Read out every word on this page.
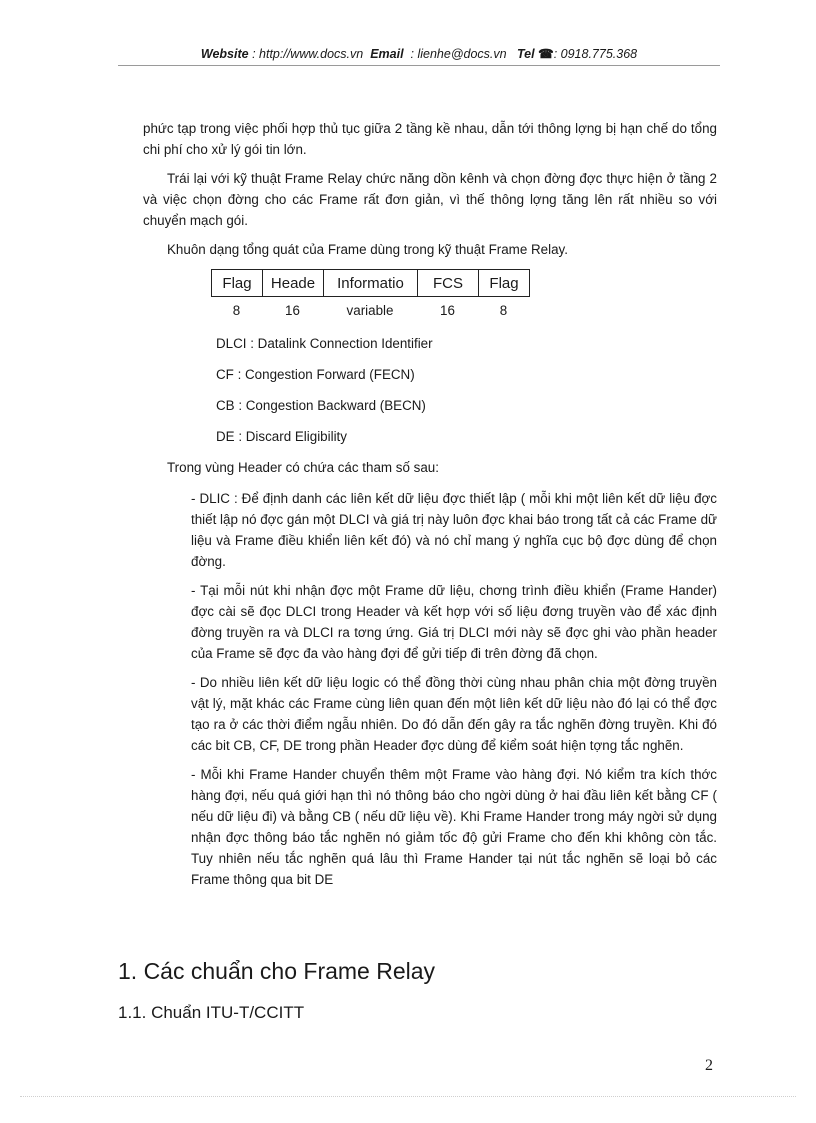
Website : http://www.docs.vn Email : lienhe@docs.vn Tel ☎: 0918.775.368

phức tạp trong việc phối hợp thủ tục giữa 2 tầng kề nhau, dẫn tới thông lợng bị hạn chế do tổng chi phí cho xử lý gói tin lớn.

Trái lại với kỹ thuật Frame Relay chức năng dồn kênh và chọn đờng đợc thực hiện ở tầng 2 và việc chọn đờng cho các Frame rất đơn giản, vì thế thông lợng tăng lên rất nhiều so với chuyển mạch gói.

Khuôn dạng tổng quát của Frame dùng trong kỹ thuật Frame Relay.

Flag	Heade	Informatio	FCS	Flag
8	16	variable	16	8
DLCI : Datalink Connection Identifier
CF : Congestion Forward (FECN)
CB : Congestion Backward (BECN)
DE : Discard Eligibility

Trong vùng Header có chứa các tham số sau:

- DLIC : Để định danh các liên kết dữ liệu đợc thiết lập ( mỗi khi một liên kết dữ liệu đợc thiết lập nó đợc gán một DLCI và giá trị này luôn đợc khai báo trong tất cả các Frame dữ liệu và Frame điều khiển liên kết đó) và nó chỉ mang ý nghĩa cục bộ đợc dùng để chọn đờng.

- Tại mỗi nút khi nhận đợc một Frame dữ liệu, chơng trình điều khiển (Frame Hander) đợc cài sẽ đọc DLCI trong Header và kết hợp với số liệu đơng truyền vào để xác định đờng truyền ra và DLCI ra tơng ứng. Giá trị DLCI mới này sẽ đợc ghi vào phần header của Frame sẽ đợc đa vào hàng đợi để gửi tiếp đi trên đờng đã chọn.

- Do nhiều liên kết dữ liệu logic có thể đồng thời cùng nhau phân chia một đờng truyền vật lý, mặt khác các Frame cùng liên quan đến một liên kết dữ liệu nào đó lại có thể đợc tạo ra ở các thời điểm ngẫu nhiên. Do đó dẫn đến gây ra tắc nghẽn đờng truyền. Khi đó các bit CB, CF, DE trong phần Header đợc dùng để kiểm soát hiện tợng tắc nghẽn.

- Mỗi khi Frame Hander chuyển thêm một Frame vào hàng đợi. Nó kiểm tra kích thớc hàng đợi, nếu quá giới hạn thì nó thông báo cho ngời dùng ở hai đầu liên kết bằng CF ( nếu dữ liệu đi) và bằng CB ( nếu dữ liệu về). Khi Frame Hander trong máy ngời sử dụng nhận đợc thông báo tắc nghẽn nó giảm tốc độ gửi Frame cho đến khi không còn tắc. Tuy nhiên nếu tắc nghẽn quá lâu thì Frame Hander tại nút tắc nghẽn sẽ loại bỏ các Frame thông qua bit DE

1. Các chuẩn cho Frame Relay
1.1. Chuẩn ITU-T/CCITT
2
